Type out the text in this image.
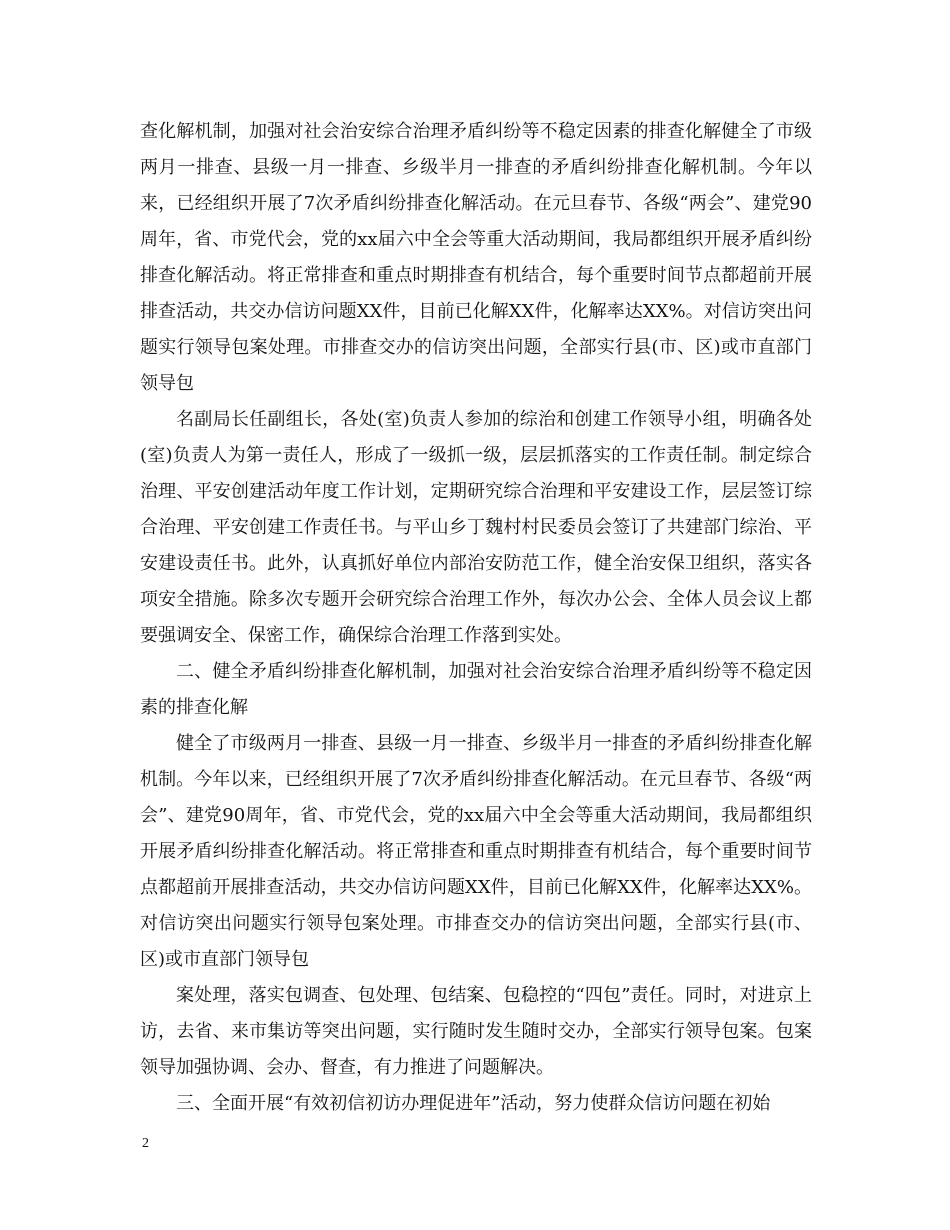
查化解机制，加强对社会治安综合治理矛盾纠纷等不稳定因素的排查化解健全了市级两月一排查、县级一月一排查、乡级半月一排查的矛盾纠纷排查化解机制。今年以来，已经组织开展了7次矛盾纠纷排查化解活动。在元旦春节、各级“两会”、建党90周年，省、市党代会，党的xx届六中全会等重大活动期间，我局都组织开展矛盾纠纷排查化解活动。将正常排查和重点时期排查有机结合，每个重要时间节点都超前开展排查活动，共交办信访问题XX件，目前已化解XX件，化解率达XX%。对信访突出问题实行领导包案处理。市排查交办的信访突出问题，全部实行县(市、区)或市直部门领导包

名副局长任副组长，各处(室)负责人参加的综治和创建工作领导小组，明确各处(室)负责人为第一责任人，形成了一级抓一级，层层抓落实的工作责任制。制定综合治理、平安创建活动年度工作计划，定期研究综合治理和平安建设工作，层层签订综合治理、平安创建工作责任书。与平山乡丁魏村村民委员会签订了共建部门综治、平安建设责任书。此外，认真抓好单位内部治安防范工作，健全治安保卫组织，落实各项安全措施。除多次专题开会研究综合治理工作外，每次办公会、全体人员会议上都要强调安全、保密工作，确保综合治理工作落到实处。

二、健全矛盾纠纷排查化解机制，加强对社会治安综合治理矛盾纠纷等不稳定因素的排查化解

健全了市级两月一排查、县级一月一排查、乡级半月一排查的矛盾纠纷排查化解机制。今年以来，已经组织开展了7次矛盾纠纷排查化解活动。在元旦春节、各级“两会”、建党90周年，省、市党代会，党的xx届六中全会等重大活动期间，我局都组织开展矛盾纠纷排查化解活动。将正常排查和重点时期排查有机结合，每个重要时间节点都超前开展排查活动，共交办信访问题XX件，目前已化解XX件，化解率达XX%。对信访突出问题实行领导包案处理。市排查交办的信访突出问题，全部实行县(市、区)或市直部门领导包

案处理，落实包调查、包处理、包结案、包稳控的“四包”责任。同时，对进京上访，去省、来市集访等突出问题，实行随时发生随时交办，全部实行领导包案。包案领导加强协调、会办、督查，有力推进了问题解决。

三、全面开展“有效初信初访办理促进年”活动，努力使群众信访问题在初始

2
